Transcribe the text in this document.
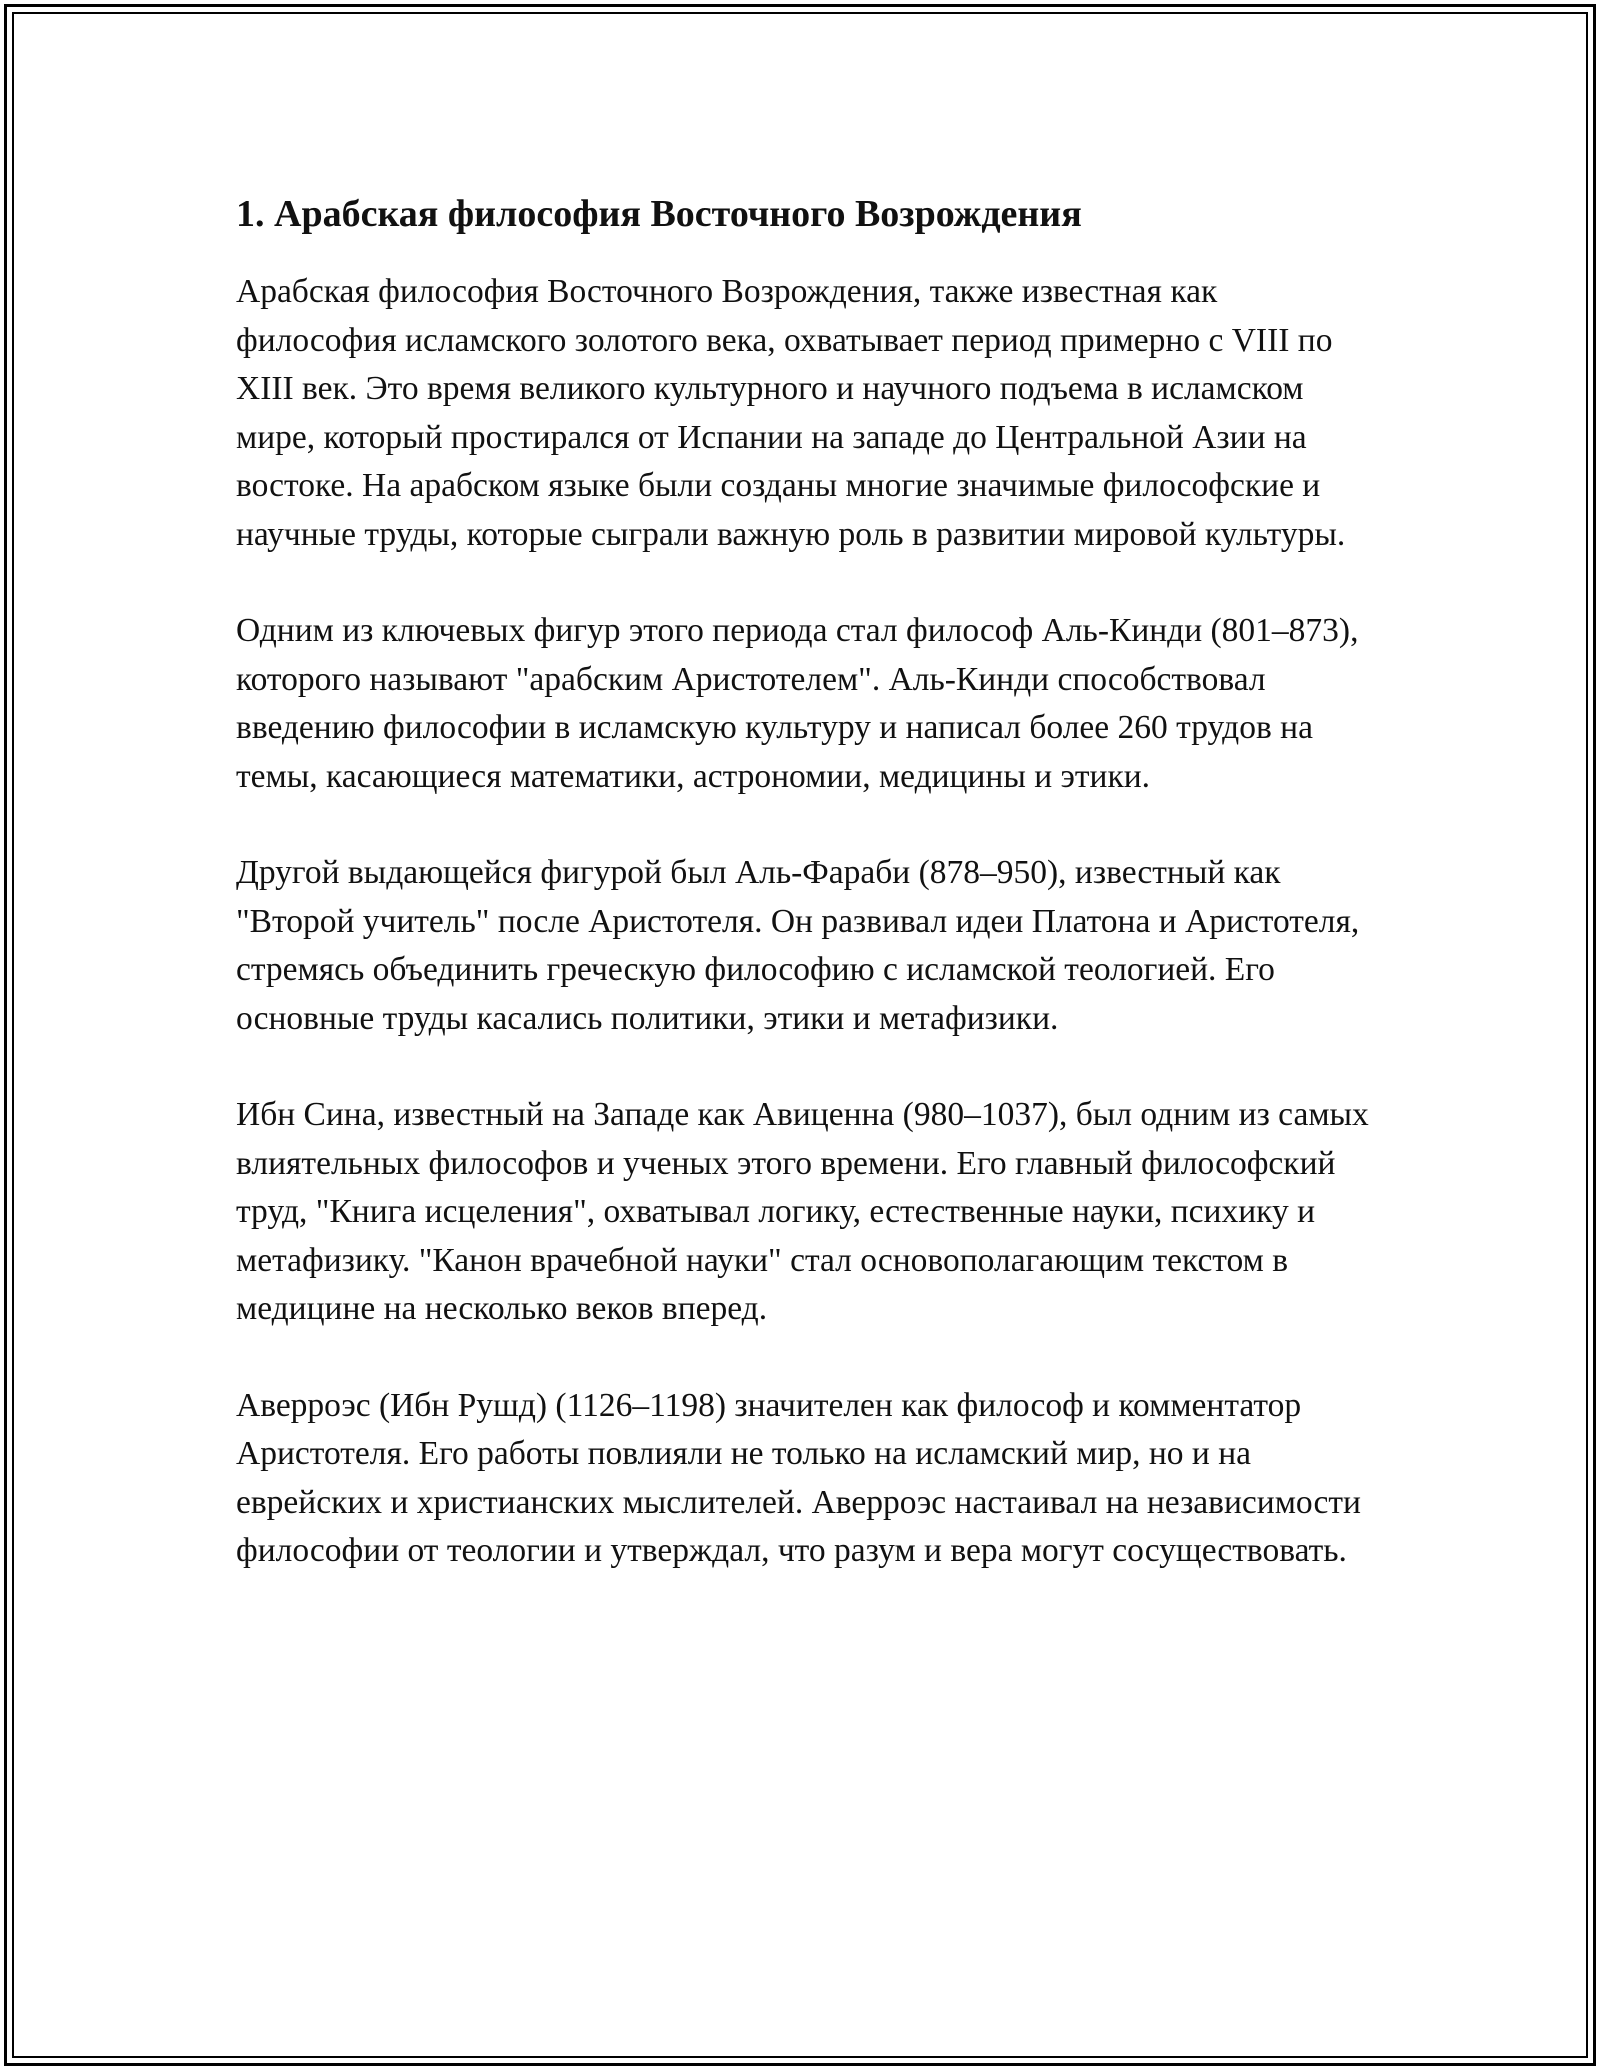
1. Арабская философия Восточного Возрождения

Арабская философия Восточного Возрождения, также известная как философия исламского золотого века, охватывает период примерно с VIII по XIII век. Это время великого культурного и научного подъема в исламском мире, который простирался от Испании на западе до Центральной Азии на востоке. На арабском языке были созданы многие значимые философские и научные труды, которые сыграли важную роль в развитии мировой культуры.

Одним из ключевых фигур этого периода стал философ Аль-Кинди (801–873), которого называют "арабским Аристотелем". Аль-Кинди способствовал введению философии в исламскую культуру и написал более 260 трудов на темы, касающиеся математики, астрономии, медицины и этики.

Другой выдающейся фигурой был Аль-Фараби (878–950), известный как "Второй учитель" после Аристотеля. Он развивал идеи Платона и Аристотеля, стремясь объединить греческую философию с исламской теологией. Его основные труды касались политики, этики и метафизики.

Ибн Сина, известный на Западе как Авиценна (980–1037), был одним из самых влиятельных философов и ученых этого времени. Его главный философский труд, "Книга исцеления", охватывал логику, естественные науки, психику и метафизику. "Канон врачебной науки" стал основополагающим текстом в медицине на несколько веков вперед.

Аверроэс (Ибн Рушд) (1126–1198) значителен как философ и комментатор Аристотеля. Его работы повлияли не только на исламский мир, но и на еврейских и христианских мыслителей. Аверроэс настаивал на независимости философии от теологии и утверждал, что разум и вера могут сосуществовать.
